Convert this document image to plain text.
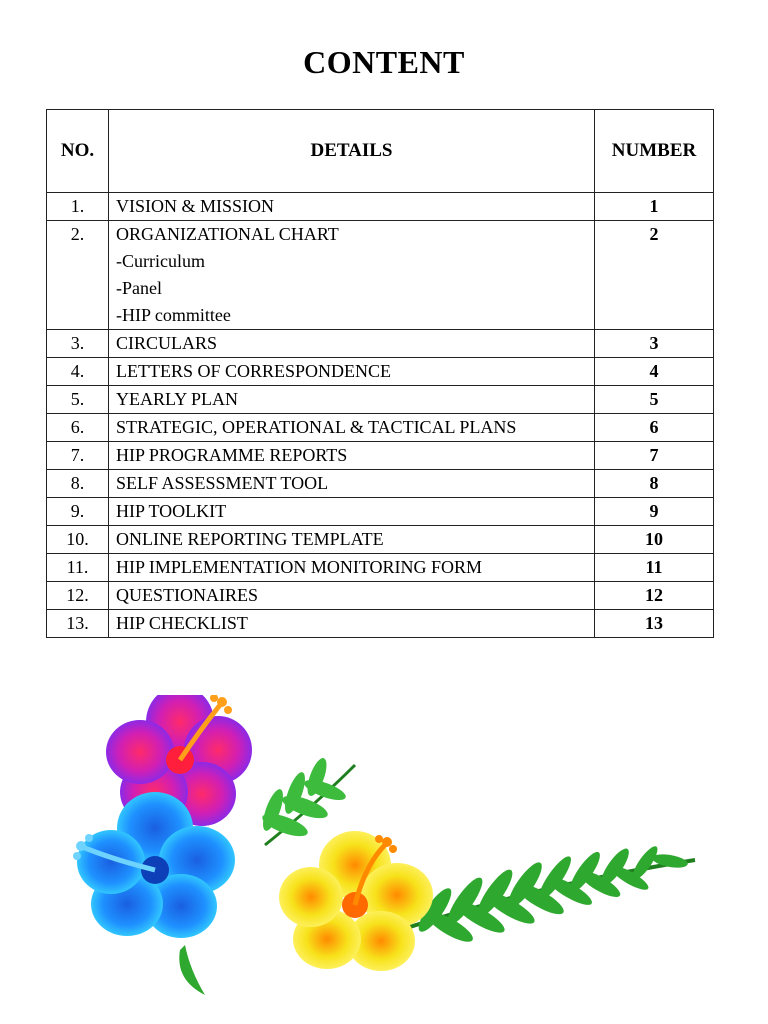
CONTENT
NO.	DETAILS	NUMBER
1.	VISION & MISSION	1
2.	ORGANIZATIONAL CHART
-Curriculum
-Panel
-HIP committee	2
3.	CIRCULARS	3
4.	LETTERS OF CORRESPONDENCE	4
5.	YEARLY PLAN	5
6.	STRATEGIC, OPERATIONAL & TACTICAL PLANS	6
7.	HIP PROGRAMME REPORTS	7
8.	SELF ASSESSMENT TOOL	8
9.	HIP TOOLKIT	9
10.	ONLINE REPORTING TEMPLATE	10
11.	HIP IMPLEMENTATION MONITORING FORM	11
12.	QUESTIONAIRES	12
13.	HIP CHECKLIST	13
